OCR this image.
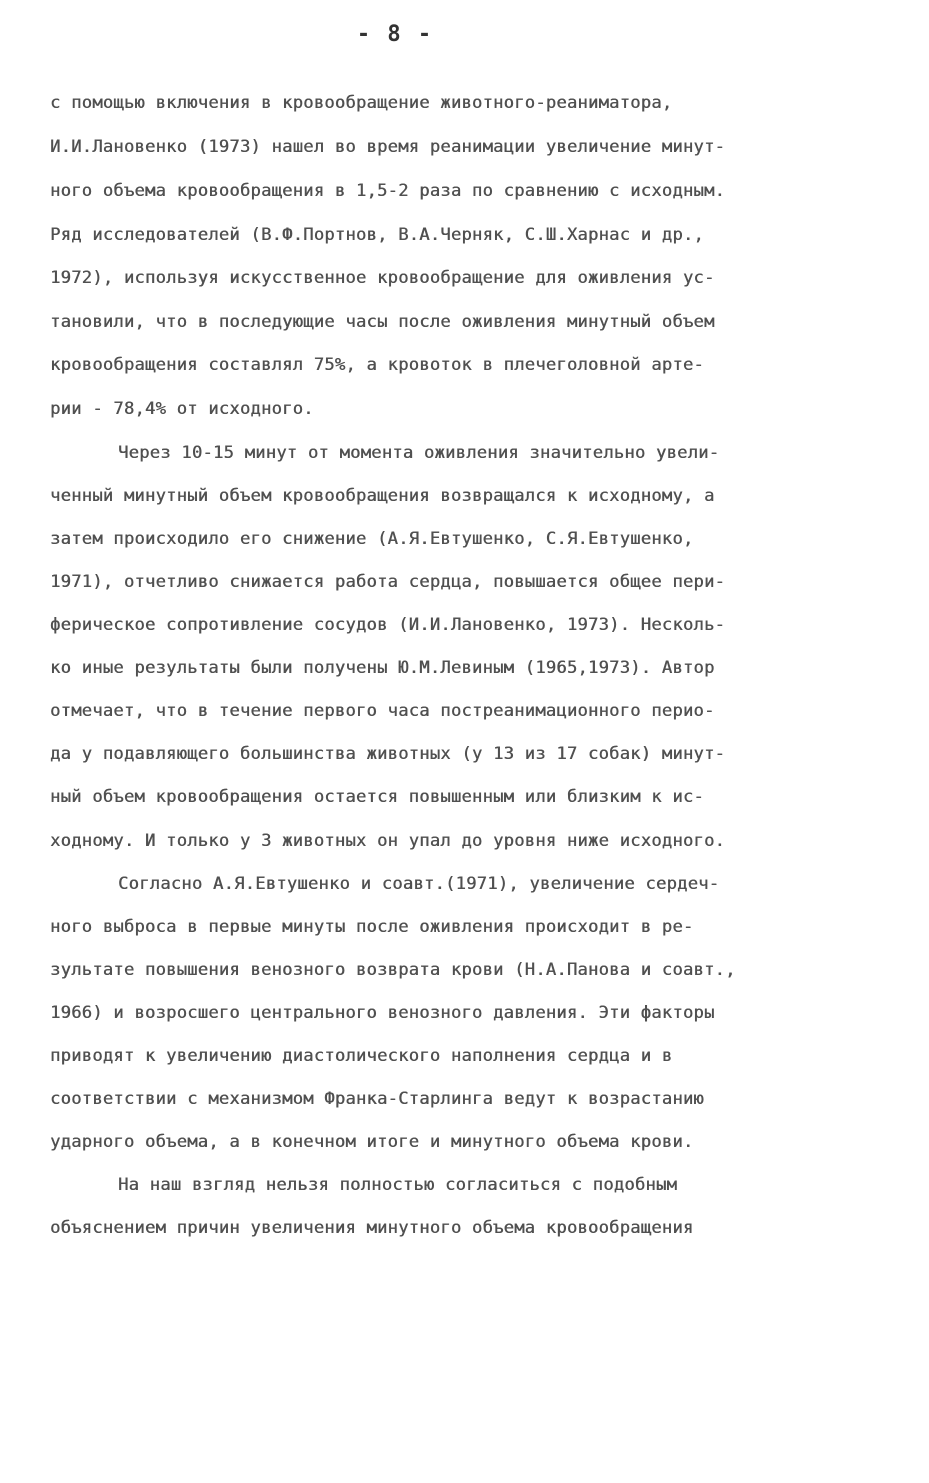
- 8 -
с помощью включения в кровообращение животного-реаниматора,
И.И.Лановенко (1973) нашел во время реанимации увеличение минут-
ного объема кровообращения в 1,5-2 раза по сравнению с исходным.
Ряд исследователей (В.Ф.Портнов, В.А.Черняк, С.Ш.Харнас и др.,
1972), используя искусственное кровообращение для оживления ус-
тановили, что в последующие часы после оживления минутный объем
кровообращения составлял 75%, а кровоток в плечеголовной арте-
рии - 78,4% от исходного.
Через 10-15 минут от момента оживления значительно увели-
ченный минутный объем кровообращения возвращался к исходному, а
затем происходило его снижение (А.Я.Евтушенко, С.Я.Евтушенко,
1971), отчетливо снижается работа сердца, повышается общее пери-
ферическое сопротивление сосудов (И.И.Лановенко, 1973). Несколь-
ко иные результаты были получены Ю.М.Левиным (1965,1973). Автор
отмечает, что в течение первого часа постреанимационного перио-
да у подавляющего большинства животных (у 13 из 17 собак) минут-
ный объем кровообращения остается повышенным или близким к ис-
ходному. И только у 3 животных он упал до уровня ниже исходного.
Согласно А.Я.Евтушенко и соавт.(1971), увеличение сердеч-
ного выброса в первые минуты после оживления происходит в ре-
зультате повышения венозного возврата крови (Н.А.Панова и соавт.,
1966) и возросшего центрального венозного давления. Эти факторы
приводят к увеличению диастолического наполнения сердца и в
соответствии с механизмом Франка-Старлинга ведут к возрастанию
ударного объема, а в конечном итоге и минутного объема крови.
На наш взгляд нельзя полностью согласиться с подобным
объяснением причин увеличения минутного объема кровообращения
